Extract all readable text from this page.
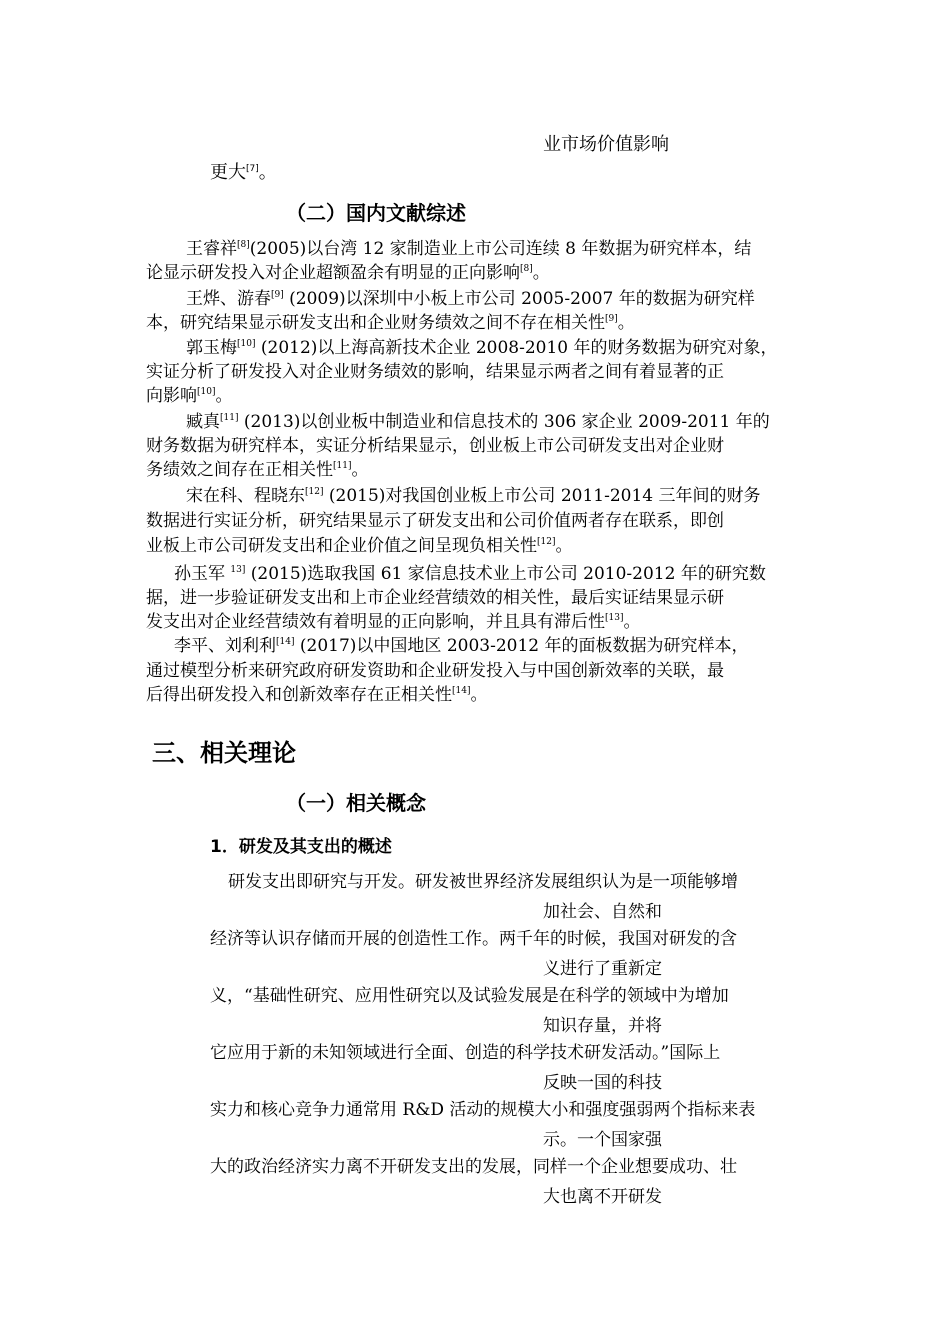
业市场价值影响
更大[7]。
（二）国内文献综述
王睿祥[8](2005)以台湾 12 家制造业上市公司连续 8 年数据为研究样本，结
论显示研发投入对企业超额盈余有明显的正向影响[8]。
王烨、游春[9] (2009)以深圳中小板上市公司 2005-2007 年的数据为研究样
本，研究结果显示研发支出和企业财务绩效之间不存在相关性[9]。
郭玉梅[10] (2012)以上海高新技术企业 2008-2010 年的财务数据为研究对象，
实证分析了研发投入对企业财务绩效的影响，结果显示两者之间有着显著的正
向影响[10]。
臧真[11] (2013)以创业板中制造业和信息技术的 306 家企业 2009-2011 年的
财务数据为研究样本，实证分析结果显示，创业板上市公司研发支出对企业财
务绩效之间存在正相关性[11]。
宋在科、程晓东[12] (2015)对我国创业板上市公司 2011-2014 三年间的财务
数据进行实证分析，研究结果显示了研发支出和公司价值两者存在联系，即创
业板上市公司研发支出和企业价值之间呈现负相关性[12]。
孙玉军 $^{13]}$ (2015)选取我国 61 家信息技术业上市公司 2010-2012 年的研究数
据，进一步验证研发支出和上市企业经营绩效的相关性，最后实证结果显示研
发支出对企业经营绩效有着明显的正向影响，并且具有滞后性[13]。
李平、刘利利[14] (2017)以中国地区 2003-2012 年的面板数据为研究样本，
通过模型分析来研究政府研发资助和企业研发投入与中国创新效率的关联，最
后得出研发投入和创新效率存在正相关性[14]。
三、相关理论
（一）相关概念
1．研发及其支出的概述
研发支出即研究与开发。研发被世界经济发展组织认为是一项能够增
加社会、自然和
经济等认识存储而开展的创造性工作。两千年的时候，我国对研发的含
义进行了重新定
义，“基础性研究、应用性研究以及试验发展是在科学的领域中为增加
知识存量，并将
它应用于新的未知领域进行全面、创造的科学技术研发活动。”国际上
反映一国的科技
实力和核心竞争力通常用 R&D 活动的规模大小和强度强弱两个指标来表
示。一个国家强
大的政治经济实力离不开研发支出的发展，同样一个企业想要成功、壮
大也离不开研发
